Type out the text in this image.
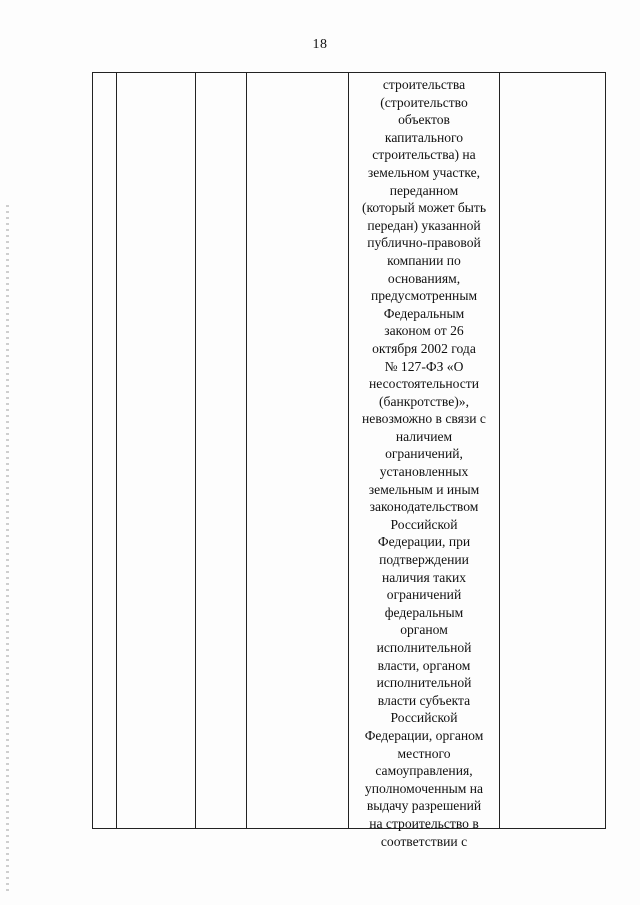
18
строительства
(строительство
объектов
капитального
строительства) на
земельном участке,
переданном
(который может быть
передан) указанной
публично-правовой
компании по
основаниям,
предусмотренным
Федеральным
законом от 26
октября 2002 года
№ 127-ФЗ «О
несостоятельности
(банкротстве)»,
невозможно в связи с
наличием
ограничений,
установленных
земельным и иным
законодательством
Российской
Федерации, при
подтверждении
наличия таких
ограничений
федеральным
органом
исполнительной
власти, органом
исполнительной
власти субъекта
Российской
Федерации, органом
местного
самоуправления,
уполномоченным на
выдачу разрешений
на строительство в
соответствии с
